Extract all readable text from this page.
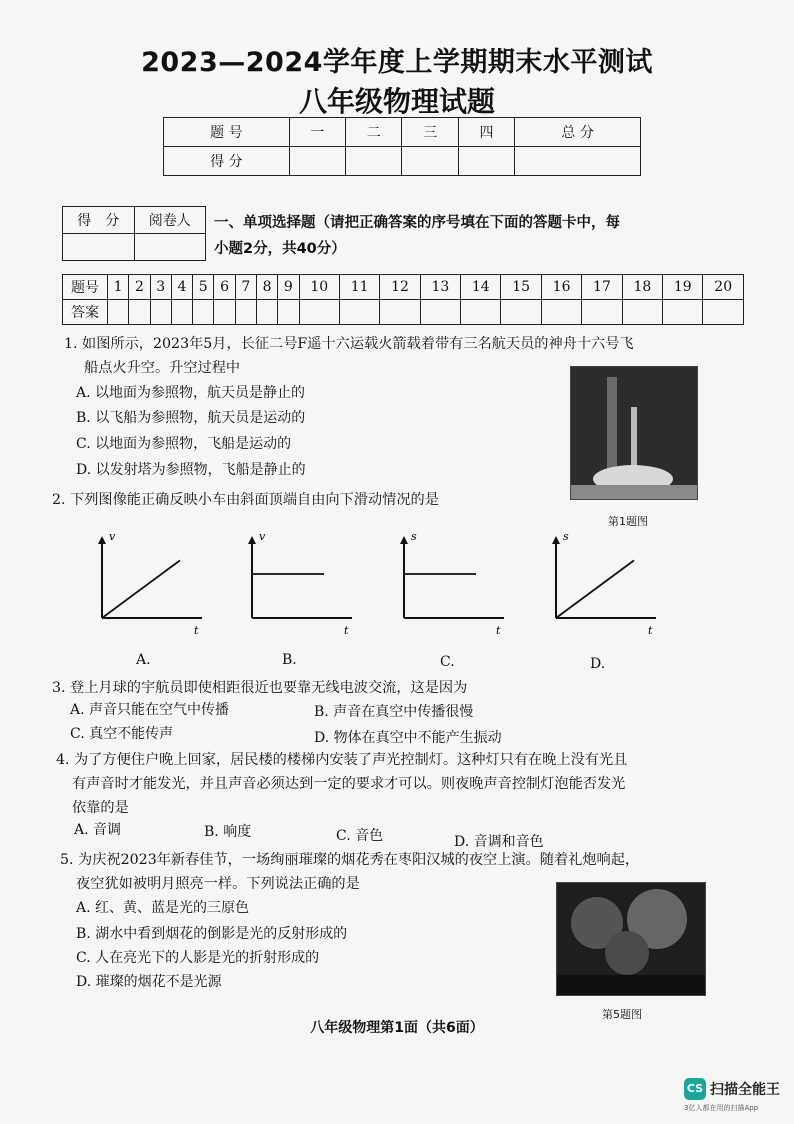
2023—2024学年度上学期期末水平测试
八年级物理试题
题 号	一	二	三	四	总 分
得 分					
得　分	阅卷人
	一、单项选择题（请把正确答案的序号填在下面的答题卡中，每
小题2分，共40分）
题号	1	2	3	4	5	6	7	8	9	10	11	12	13	14	15	16	17	18	19	20
答案																				
1. 如图所示，2023年5月，长征二号F遥十六运载火箭载着带有三名航天员的神舟十六号飞
船点火升空。升空过程中
A. 以地面为参照物，航天员是静止的
B. 以飞船为参照物，航天员是运动的
C. 以地面为参照物，飞船是运动的
D. 以发射塔为参照物，飞船是静止的
第1题图
2. 下列图像能正确反映小车由斜面顶端自由向下滑动情况的是
v
t
v
t
s
t
s
t
A.	B.	C.	D.
3. 登上月球的宇航员即使相距很近也要靠无线电波交流，这是因为
A. 声音只能在空气中传播	B. 声音在真空中传播很慢
C. 真空不能传声	D. 物体在真空中不能产生振动
4. 为了方便住户晚上回家，居民楼的楼梯内安装了声光控制灯。这种灯只有在晚上没有光且
有声音时才能发光，并且声音必须达到一定的要求才可以。则夜晚声音控制灯泡能否发光
依靠的是
A. 音调	B. 响度	C. 音色	D. 音调和音色
5. 为庆祝2023年新春佳节，一场绚丽璀璨的烟花秀在枣阳汉城的夜空上演。随着礼炮响起，
夜空犹如被明月照亮一样。下列说法正确的是
A. 红、黄、蓝是光的三原色
B. 湖水中看到烟花的倒影是光的反射形成的
C. 人在亮光下的人影是光的折射形成的
D. 璀璨的烟花不是光源
第5题图
八年级物理第1面（共6面）
CS 扫描全能王
3亿人都在用的扫描App
